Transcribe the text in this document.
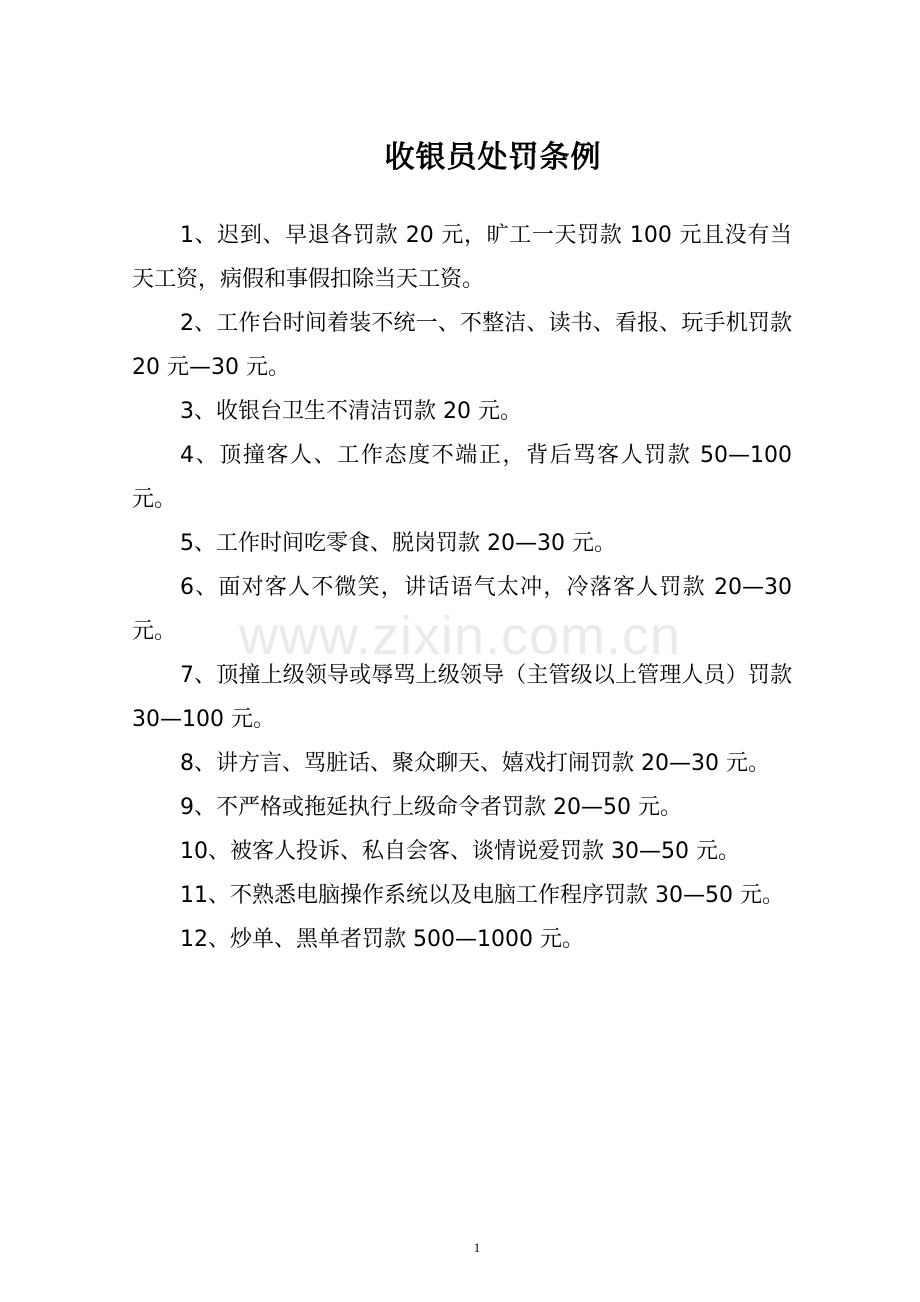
收银员处罚条例

1、迟到、早退各罚款 20 元，旷工一天罚款 100 元且没有当天工资，病假和事假扣除当天工资。

2、工作台时间着装不统一、不整洁、读书、看报、玩手机罚款 20 元—30 元。

3、收银台卫生不清洁罚款 20 元。

4、顶撞客人、工作态度不端正，背后骂客人罚款 50—100 元。

5、工作时间吃零食、脱岗罚款 20—30 元。

6、面对客人不微笑，讲话语气太冲，冷落客人罚款 20—30 元。

7、顶撞上级领导或辱骂上级领导（主管级以上管理人员）罚款 30—100 元。

8、讲方言、骂脏话、聚众聊天、嬉戏打闹罚款 20—30 元。

9、不严格或拖延执行上级命令者罚款 20—50 元。

10、被客人投诉、私自会客、谈情说爱罚款 30—50 元。

11、不熟悉电脑操作系统以及电脑工作程序罚款 30—50 元。

12、炒单、黑单者罚款 500—1000 元。

www.zixin.com.cn
1
